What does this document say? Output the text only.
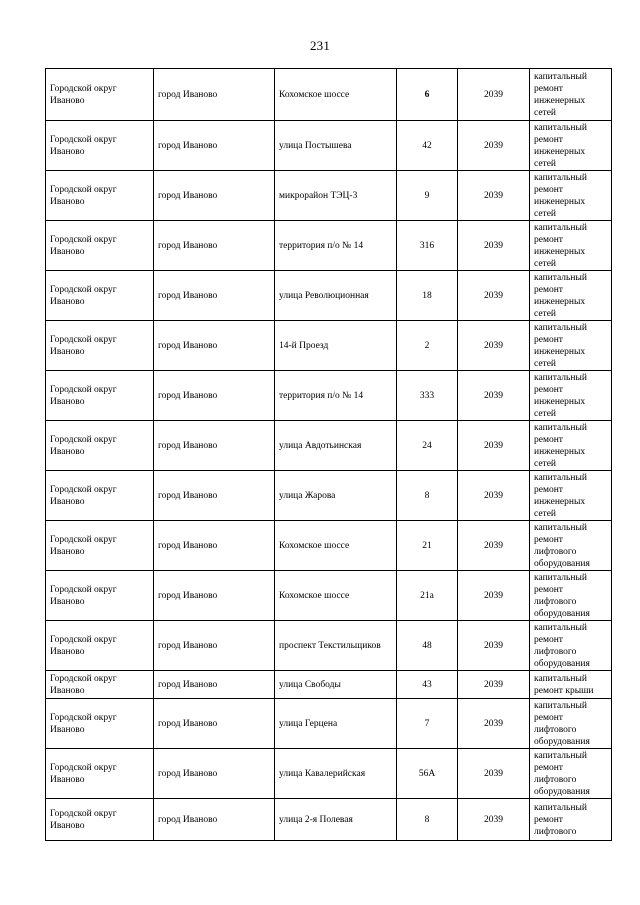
231
Городской округ Иваново	город Иваново	Кохомское шоссе	6	2039	капитальный ремонт инженерных сетей
Городской округ Иваново	город Иваново	улица Постышева	42	2039	капитальный ремонт инженерных сетей
Городской округ Иваново	город Иваново	микрорайон ТЭЦ-3	9	2039	капитальный ремонт инженерных сетей
Городской округ Иваново	город Иваново	территория п/о № 14	316	2039	капитальный ремонт инженерных сетей
Городской округ Иваново	город Иваново	улица Революционная	18	2039	капитальный ремонт инженерных сетей
Городской округ Иваново	город Иваново	14-й Проезд	2	2039	капитальный ремонт инженерных сетей
Городской округ Иваново	город Иваново	территория п/о № 14	333	2039	капитальный ремонт инженерных сетей
Городской округ Иваново	город Иваново	улица Авдотьинская	24	2039	капитальный ремонт инженерных сетей
Городской округ Иваново	город Иваново	улица Жарова	8	2039	капитальный ремонт инженерных сетей
Городской округ Иваново	город Иваново	Кохомское шоссе	21	2039	капитальный ремонт лифтового оборудования
Городской округ Иваново	город Иваново	Кохомское шоссе	21а	2039	капитальный ремонт лифтового оборудования
Городской округ Иваново	город Иваново	проспект Текстильщиков	48	2039	капитальный ремонт лифтового оборудования
Городской округ Иваново	город Иваново	улица Свободы	43	2039	капитальный ремонт крыши
Городской округ Иваново	город Иваново	улица Герцена	7	2039	капитальный ремонт лифтового оборудования
Городской округ Иваново	город Иваново	улица Кавалерийская	56А	2039	капитальный ремонт лифтового оборудования
Городской округ Иваново	город Иваново	улица 2-я Полевая	8	2039	капитальный ремонт лифтового
